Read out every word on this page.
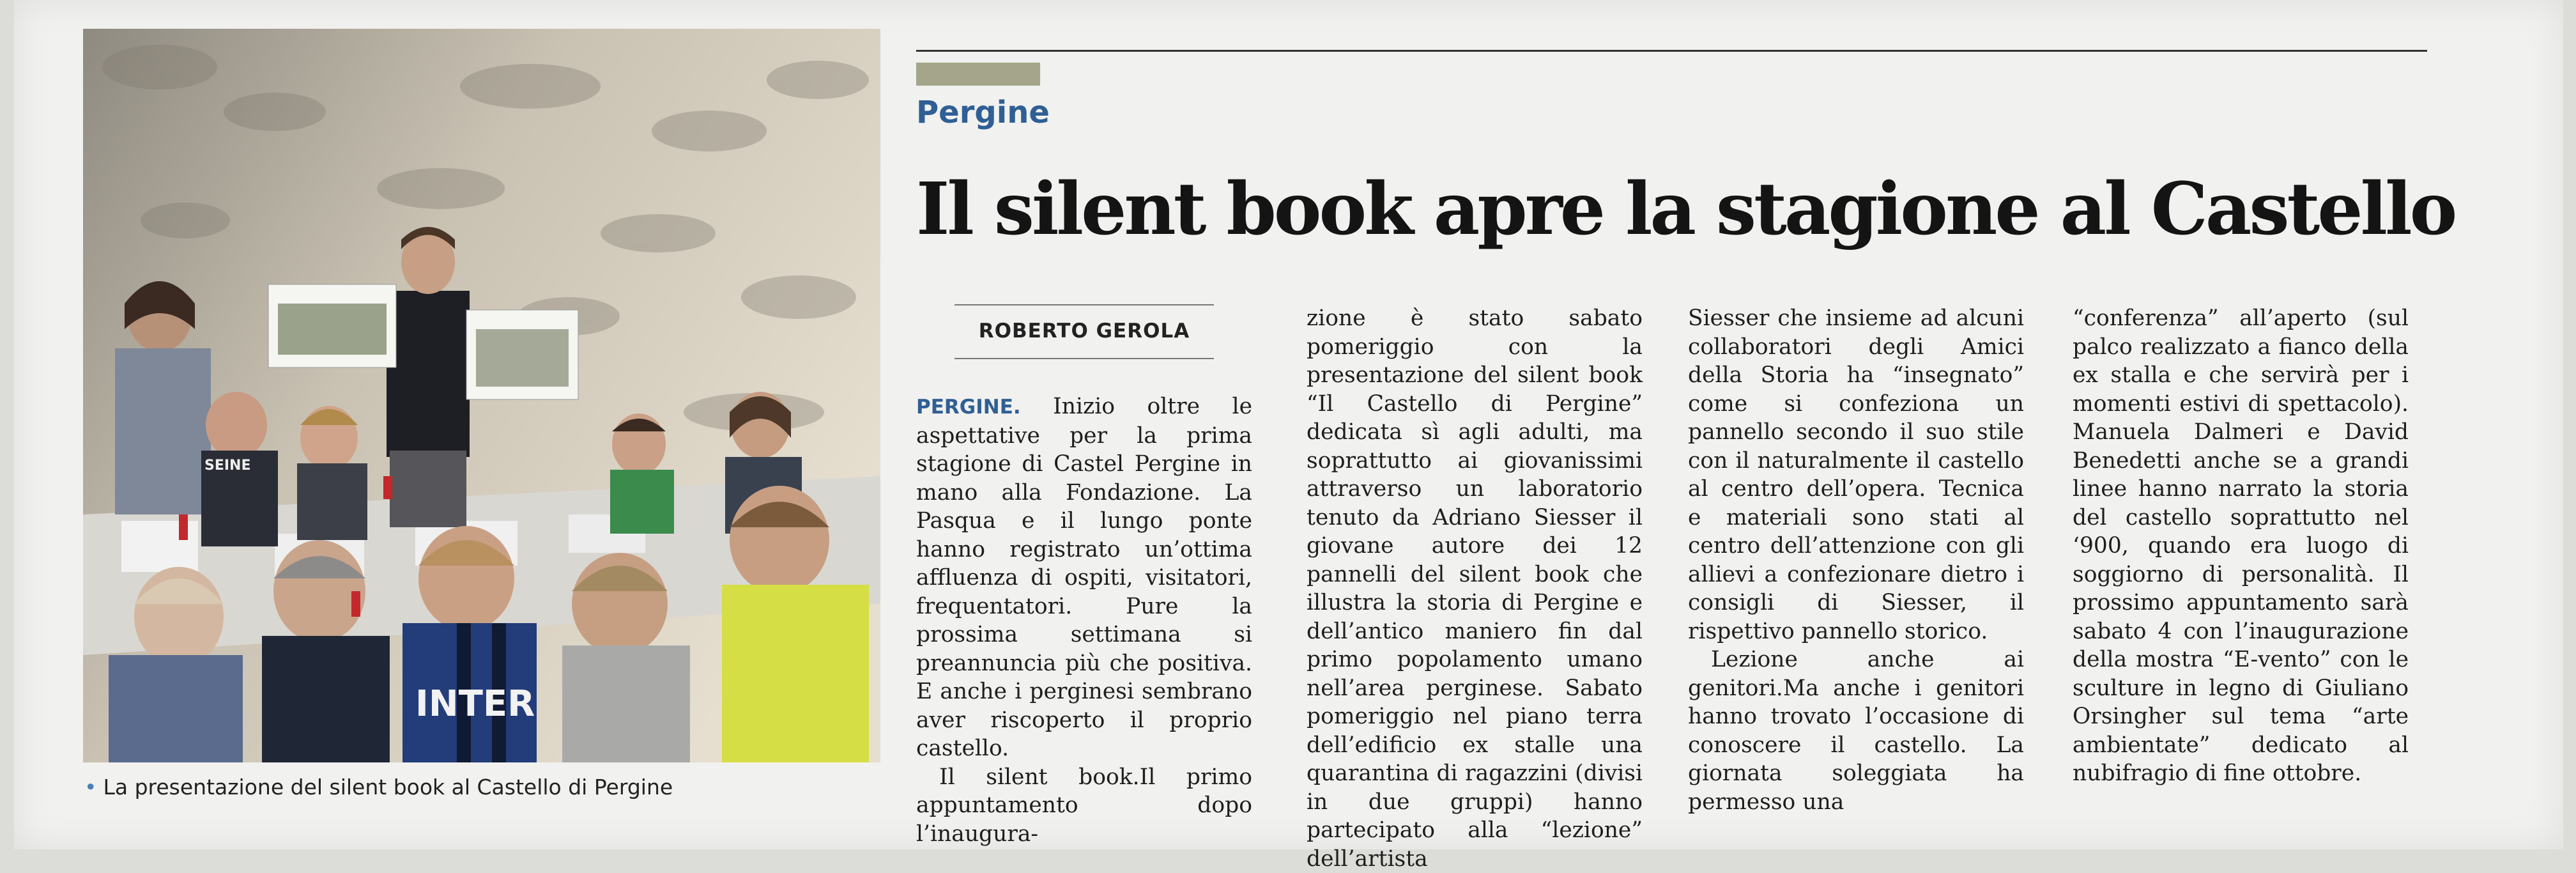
INTER
SEINE
• La presentazione del silent book al Castello di Pergine
Pergine
Il silent book apre la stagione al Castello
ROBERTO GEROLA

PERGINE. Inizio oltre le aspettative per la prima stagione di Castel Pergine in mano alla Fondazione. La Pasqua e il lungo ponte hanno registrato un’ottima affluenza di ospiti, visitatori, frequentatori. Pure la prossima settimana si preannuncia più che positiva. E anche i perginesi sembrano aver riscoperto il proprio castello.

Il silent book.Il primo appuntamento dopo l’inaugura-

zione è stato sabato pomeriggio con la presentazione del silent book “Il Castello di Pergine” dedicata sì agli adulti, ma soprattutto ai giovanissimi attraverso un laboratorio tenuto da Adriano Siesser il giovane autore dei 12 pannelli del silent book che illustra la storia di Pergine e dell’antico maniero fin dal primo popolamento umano nell’area perginese. Sabato pomeriggio nel piano terra dell’edificio ex stalle una quarantina di ragazzini (divisi in due gruppi) hanno partecipato alla “lezione” dell’artista

Siesser che insieme ad alcuni collaboratori degli Amici della Storia ha “insegnato” come si confeziona un pannello secondo il suo stile con il naturalmente il castello al centro dell’opera. Tecnica e materiali sono stati al centro dell’attenzione con gli allievi a confezionare dietro i consigli di Siesser, il rispettivo pannello storico.

Lezione anche ai genitori.Ma anche i genitori hanno trovato l’occasione di conoscere il castello. La giornata soleggiata ha permesso una

“conferenza” all’aperto (sul palco realizzato a fianco della ex stalla e che servirà per i momenti estivi di spettacolo). Manuela Dalmeri e David Benedetti anche se a grandi linee hanno narrato la storia del castello soprattutto nel ‘900, quando era luogo di soggiorno di personalità. Il prossimo appuntamento sarà sabato 4 con l’inaugurazione della mostra “E-vento” con le sculture in legno di Giuliano Orsingher sul tema “arte ambientate” dedicato al nubifragio di fine ottobre.
